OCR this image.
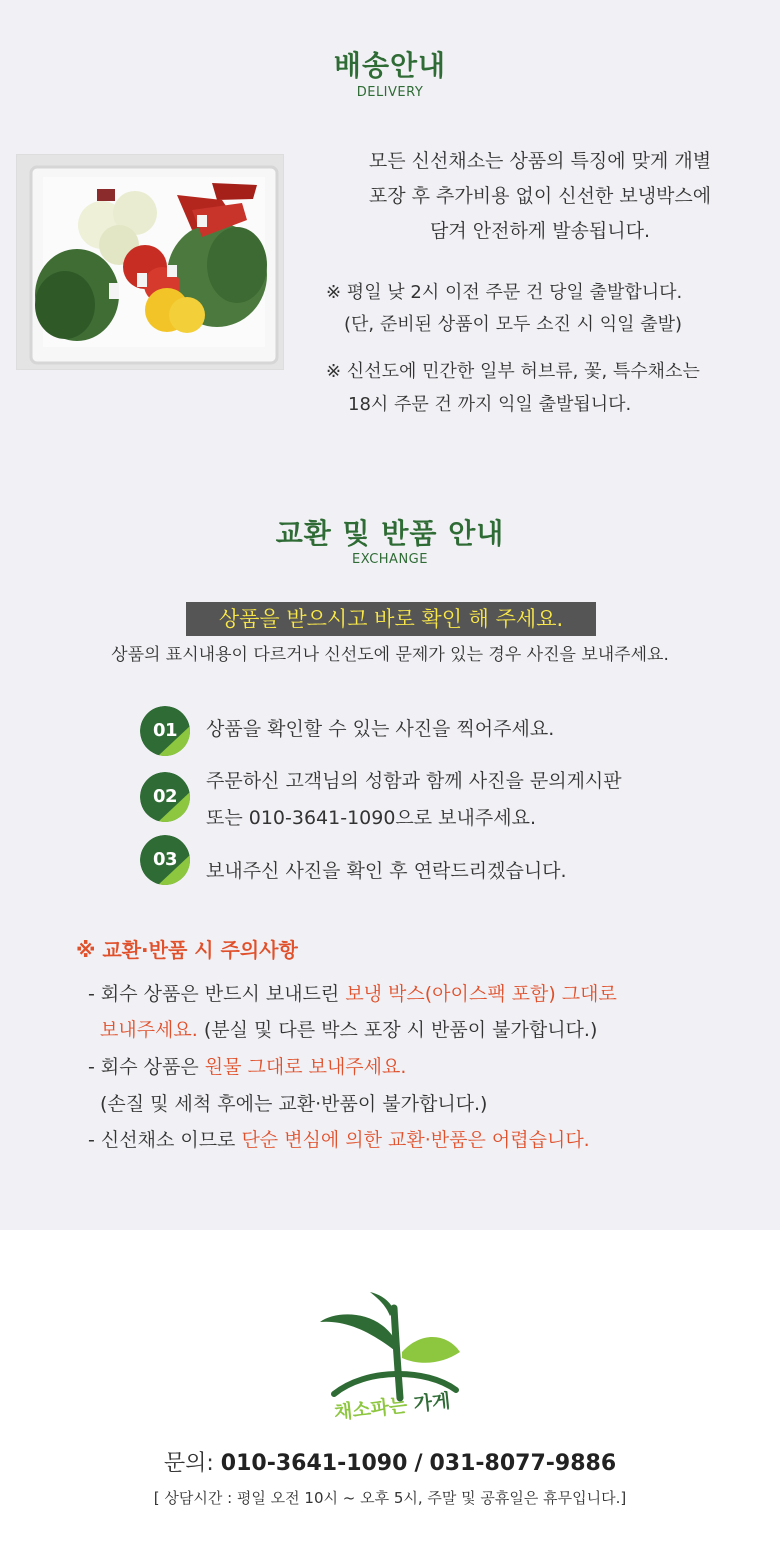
배송안내
DELIVERY
모든 신선채소는 상품의 특징에 맞게 개별
포장 후 추가비용 없이 신선한 보냉박스에
담겨 안전하게 발송됩니다.
※ 평일 낮 2시 이전 주문 건 당일 출발합니다.
(단, 준비된 상품이 모두 소진 시 익일 출발)
※ 신선도에 민간한 일부 허브류, 꽃, 특수채소는
18시 주문 건 까지 익일 출발됩니다.
교환 및 반품 안내
EXCHANGE
상품을 받으시고 바로 확인 해 주세요.
상품의 표시내용이 다르거나 신선도에 문제가 있는 경우 사진을 보내주세요.
01	상품을 확인할 수 있는 사진을 찍어주세요.
02
주문하신 고객님의 성함과 함께 사진을 문의게시판
또는 010-3641-1090으로 보내주세요.
03
보내주신 사진을 확인 후 연락드리겠습니다.
※ 교환·반품 시 주의사항
- 회수 상품은 반드시 보내드린 보냉 박스(아이스팩 포함) 그대로
보내주세요. (분실 및 다른 박스 포장 시 반품이 불가합니다.)
- 회수 상품은 원물 그대로 보내주세요.
(손질 및 세척 후에는 교환·반품이 불가합니다.)
- 신선채소 이므로 단순 변심에 의한 교환·반품은 어렵습니다.
채소파는 가게
문의: 010-3641-1090 / 031-8077-9886
[ 상담시간 : 평일 오전 10시 ~ 오후 5시, 주말 및 공휴일은 휴무입니다.]
